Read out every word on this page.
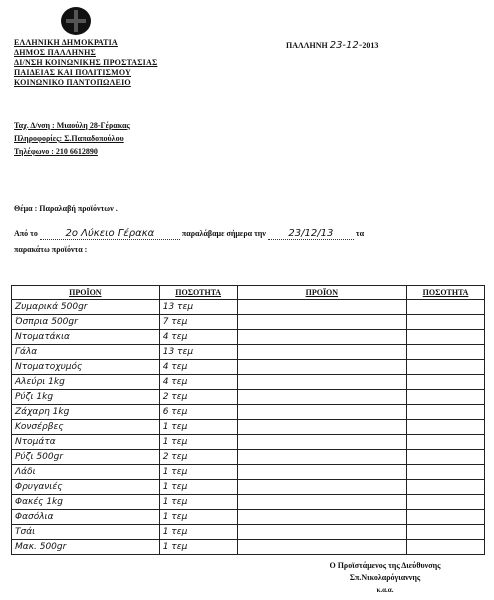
ΕΛΛΗΝΙΚΗ ΔΗΜΟΚΡΑΤΙΑ
ΔΗΜΟΣ ΠΑΛΛΗΝΗΣ
ΔΙ/ΝΣΗ ΚΟΙΝΩΝΙΚΗΣ ΠΡΟΣΤΑΣΙΑΣ
ΠΑΙΔΕΙΑΣ ΚΑΙ ΠΟΛΙΤΙΣΜΟΥ
ΚΟΙΝΩΝΙΚΟ ΠΑΝΤΟΠΩΛΕΙΟ
ΠΑΛΛΗΝΗ 23-12-2013
Ταχ. Δ/νση : Μιαούλη 28-Γέρακας
Πληροφορίες: Σ.Παπαδοπούλου
Τηλέφωνο : 210 6612890
Θέμα : Παραλαβή προϊόντων .
Από το	2ο Λύκειο Γέρακα	παραλάβαμε σήμερα την 23/12/13	τα
παρακάτω προϊόντα :
ΠΡΟΪΟΝ	ΠΟΣΟΤΗΤΑ	ΠΡΟΪΟΝ	ΠΟΣΟΤΗΤΑ
Ζυμαρικά 500gr	13 τεμ		
Όσπρια 500gr	7 τεμ		
Ντοματάκια	4 τεμ		
Γάλα	13 τεμ		
Ντοματοχυμός	4 τεμ		
Αλεύρι 1kg	4 τεμ		
Ρύζι 1kg	2 τεμ		
Ζάχαρη 1kg	6 τεμ		
Κονσέρβες	1 τεμ		
Ντομάτα	1 τεμ		
Ρύζι 500gr	2 τεμ		
Λάδι	1 τεμ		
Φρυγανιές	1 τεμ		
Φακές 1kg	1 τεμ		
Φασόλια	1 τεμ		
Τσάι	1 τεμ		
Μακ. 500gr	1 τεμ		
Ο Προϊστάμενος της Διεύθυνσης
Σπ.Νικολαρόγιαννης
κ.α.α.
